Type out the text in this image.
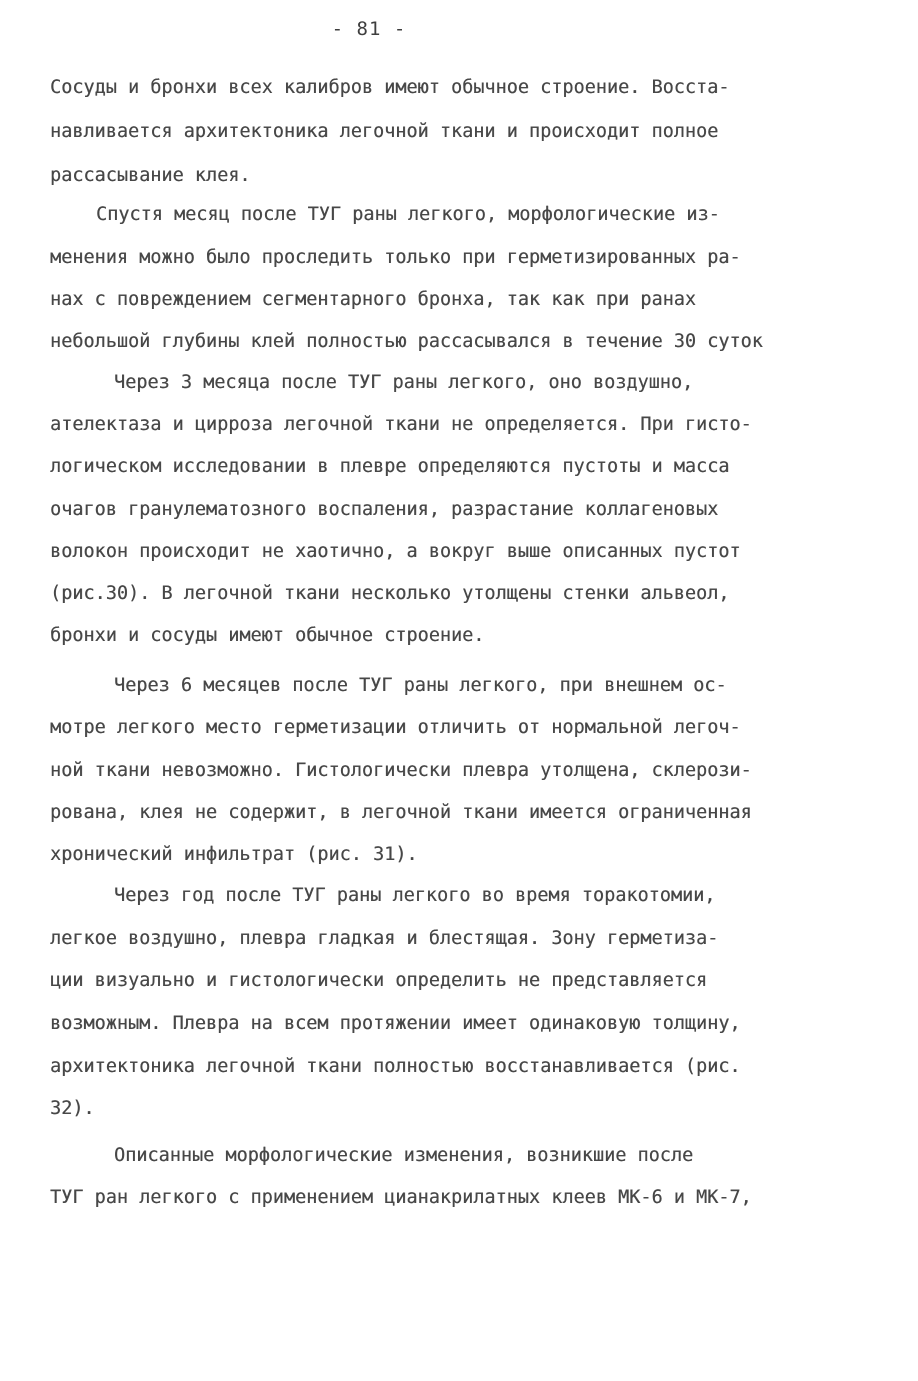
- 81 -
Сосуды и бронхи всех калибров имеют обычное строение. Восста-
навливается архитектоника легочной ткани и происходит полное
рассасывание клея.
Спустя месяц после ТУГ раны легкого, морфологические из-
менения можно было проследить только при герметизированных ра-
нах с повреждением сегментарного бронха, так как при ранах
небольшой глубины клей полностью рассасывался в течение 30 суток
Через 3 месяца после ТУГ раны легкого, оно воздушно,
ателектаза и цирроза легочной ткани не определяется. При гисто-
логическом исследовании в плевре определяются пустоты и масса
очагов гранулематозного воспаления, разрастание коллагеновых
волокон происходит не хаотично, а вокруг выше описанных пустот
(рис.30). В легочной ткани несколько утолщены стенки альвеол,
бронхи и сосуды имеют обычное строение.
Через 6 месяцев после ТУГ раны легкого, при внешнем ос-
мотре легкого место герметизации отличить от нормальной легоч-
ной ткани невозможно. Гистологически плевра утолщена, склерози-
рована, клея не содержит, в легочной ткани имеется ограниченная
хронический инфильтрат (рис. 31).
Через год после ТУГ раны легкого во время торакотомии,
легкое воздушно, плевра гладкая и блестящая. Зону герметиза-
ции визуально и гистологически определить не представляется
возможным. Плевра на всем протяжении имеет одинаковую толщину,
архитектоника легочной ткани полностью восстанавливается (рис.
32).
Описанные морфологические изменения, возникшие после
ТУГ ран легкого с применением цианакрилатных клеев МК-6 и МК-7,
